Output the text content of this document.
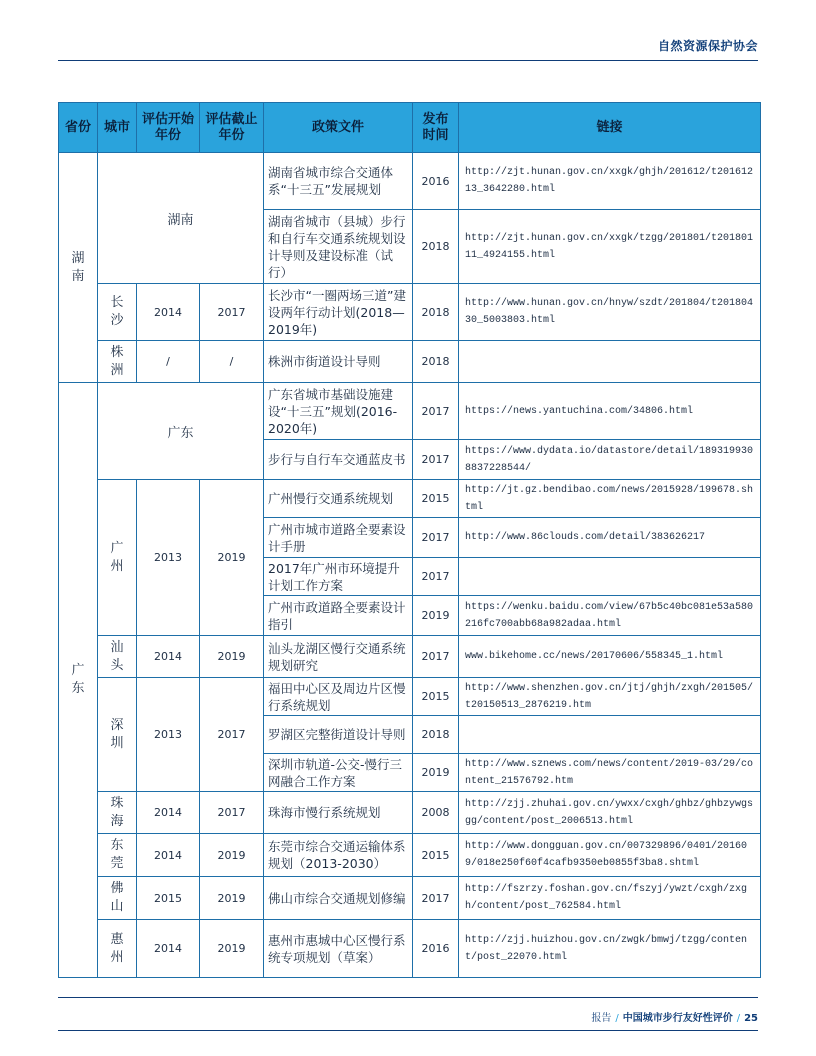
自然资源保护协会
省份	城市	评估开始年份	评估截止年份	政策文件	发布时间	链接
湖南	湖南			湖南省城市综合交通体系“十三五”发展规划	2016	http://zjt.hunan.gov.cn/xxgk/ghjh/201612/t20161213_3642280.html
				湖南省城市（县城）步行和自行车交通系统规划设计导则及建设标准（试行）	2018	http://zjt.hunan.gov.cn/xxgk/tzgg/201801/t20180111_4924155.html
	长沙	2014	2017	长沙市“一圈两场三道”建设两年行动计划(2018—2019年)	2018	http://www.hunan.gov.cn/hnyw/szdt/201804/t20180430_5003803.html
	株洲	/	/	株洲市街道设计导则	2018	
广东	广东			广东省城市基础设施建设“十三五”规划(2016-2020年)	2017	https://news.yantuchina.com/34806.html
				步行与自行车交通蓝皮书	2017	https://www.dydata.io/datastore/detail/1893199308837228544/
	广州	2013	2019	广州慢行交通系统规划	2015	http://jt.gz.bendibao.com/news/2015928/199678.shtml
				广州市城市道路全要素设计手册	2017	http://www.86clouds.com/detail/383626217
				2017年广州市环境提升计划工作方案	2017	
				广州市政道路全要素设计指引	2019	https://wenku.baidu.com/view/67b5c40bc081e53a580216fc700abb68a982adaa.html
	汕头	2014	2019	汕头龙湖区慢行交通系统规划研究	2017	www.bikehome.cc/news/20170606/558345_1.html
	深圳	2013	2017	福田中心区及周边片区慢行系统规划	2015	http://www.shenzhen.gov.cn/jtj/ghjh/zxgh/201505/t20150513_2876219.htm
				罗湖区完整街道设计导则	2018	
				深圳市轨道-公交-慢行三网融合工作方案	2019	http://www.sznews.com/news/content/2019-03/29/content_21576792.htm
	珠海	2014	2017	珠海市慢行系统规划	2008	http://zjj.zhuhai.gov.cn/ywxx/cxgh/ghbz/ghbzywgsgg/content/post_2006513.html
	东莞	2014	2019	东莞市综合交通运输体系规划（2013-2030）	2015	http://www.dongguan.gov.cn/007329896/0401/201609/018e250f60f4cafb9350eb0855f3ba8.shtml
	佛山	2015	2019	佛山市综合交通规划修编	2017	http://fszrzy.foshan.gov.cn/fszyj/ywzt/cxgh/zxgh/content/post_762584.html
	惠州	2014	2019	惠州市惠城中心区慢行系统专项规划（草案）	2016	http://zjj.huizhou.gov.cn/zwgk/bmwj/tzgg/content/post_22070.html
报告 / 中国城市步行友好性评价 / 25
